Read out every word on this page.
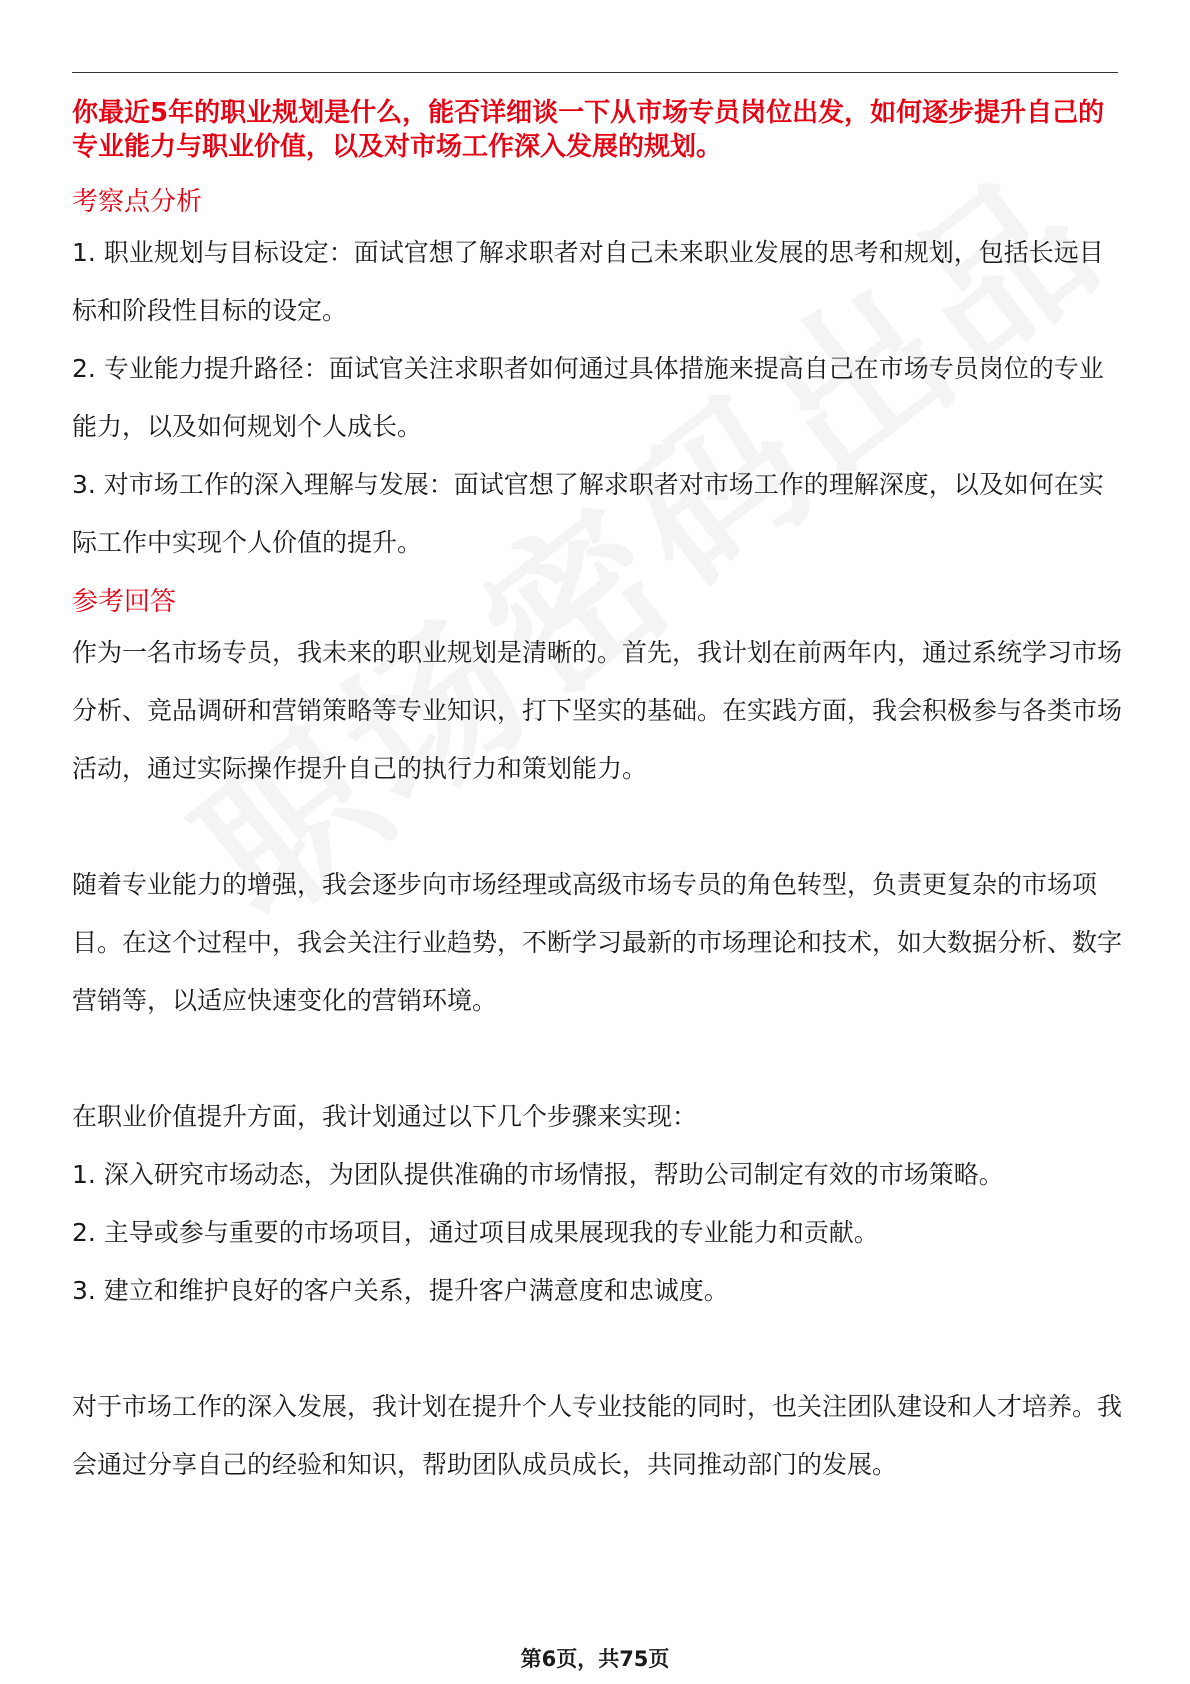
你最近5年的职业规划是什么，能否详细谈一下从市场专员岗位出发，如何逐步提升自己的专业能力与职业价值，以及对市场工作深入发展的规划。

考察点分析

1. 职业规划与目标设定：面试官想了解求职者对自己未来职业发展的思考和规划，包括长远目标和阶段性目标的设定。

2. 专业能力提升路径：面试官关注求职者如何通过具体措施来提高自己在市场专员岗位的专业能力，以及如何规划个人成长。

3. 对市场工作的深入理解与发展：面试官想了解求职者对市场工作的理解深度，以及如何在实际工作中实现个人价值的提升。

参考回答

作为一名市场专员，我未来的职业规划是清晰的。首先，我计划在前两年内，通过系统学习市场分析、竞品调研和营销策略等专业知识，打下坚实的基础。在实践方面，我会积极参与各类市场活动，通过实际操作提升自己的执行力和策划能力。

随着专业能力的增强，我会逐步向市场经理或高级市场专员的角色转型，负责更复杂的市场项目。在这个过程中，我会关注行业趋势，不断学习最新的市场理论和技术，如大数据分析、数字营销等，以适应快速变化的营销环境。

在职业价值提升方面，我计划通过以下几个步骤来实现：

1. 深入研究市场动态，为团队提供准确的市场情报，帮助公司制定有效的市场策略。

2. 主导或参与重要的市场项目，通过项目成果展现我的专业能力和贡献。

3. 建立和维护良好的客户关系，提升客户满意度和忠诚度。

对于市场工作的深入发展，我计划在提升个人专业技能的同时，也关注团队建设和人才培养。我会通过分享自己的经验和知识，帮助团队成员成长，共同推动部门的发展。

第6页，共75页
